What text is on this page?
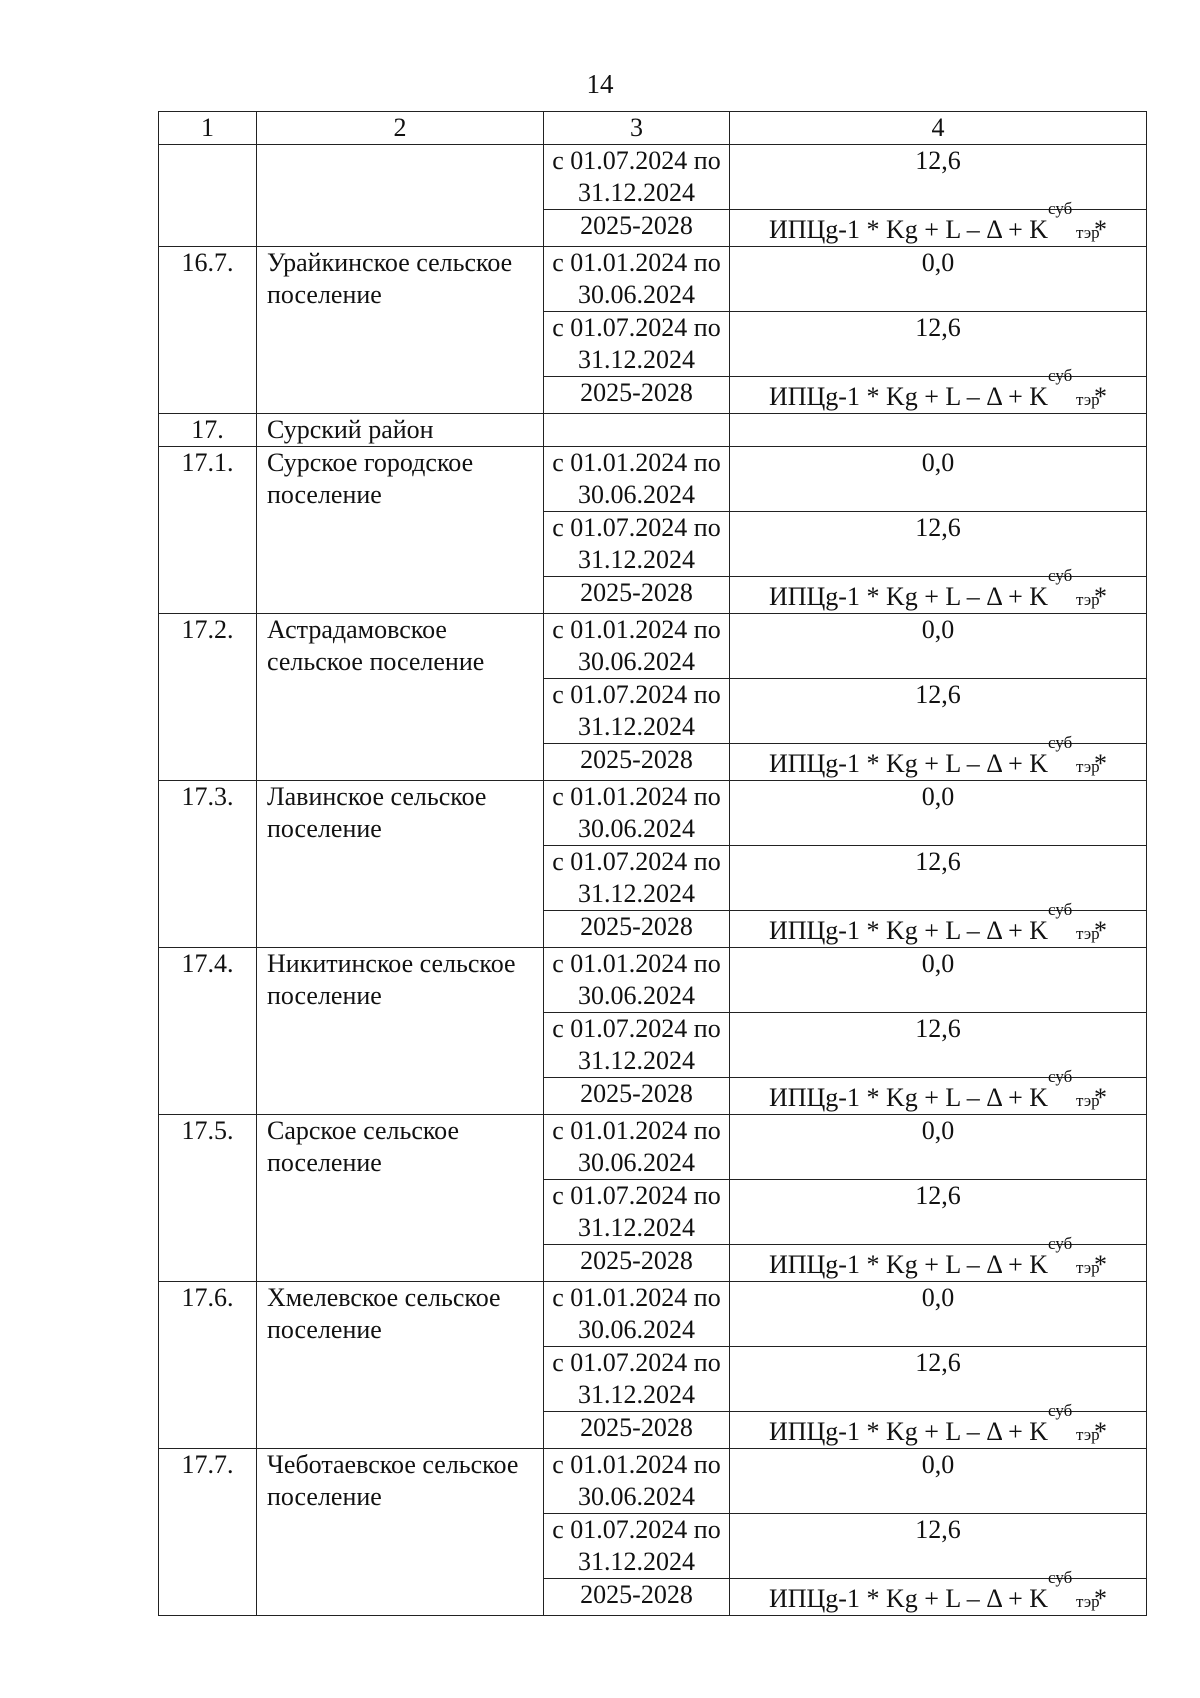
14
1	2	3	4
		с 01.07.2024 по 31.12.2024	12,6
		2025-2028	ИПЦg-1 * Kg + L – Δ + K
суб
тэр
*
16.7.	Урайкинское сельское поселение	с 01.01.2024 по 30.06.2024	0,0
		с 01.07.2024 по 31.12.2024	12,6
		2025-2028	ИПЦg-1 * Kg + L – Δ + K
суб
тэр
*
17.	Сурский район		
17.1.	Сурское городское поселение	с 01.01.2024 по 30.06.2024	0,0
		с 01.07.2024 по 31.12.2024	12,6
		2025-2028	ИПЦg-1 * Kg + L – Δ + K
суб
тэр
*
17.2.	Астрадамовское сельское поселение	с 01.01.2024 по 30.06.2024	0,0
		с 01.07.2024 по 31.12.2024	12,6
		2025-2028	ИПЦg-1 * Kg + L – Δ + K
суб
тэр
*
17.3.	Лавинское сельское поселение	с 01.01.2024 по 30.06.2024	0,0
		с 01.07.2024 по 31.12.2024	12,6
		2025-2028	ИПЦg-1 * Kg + L – Δ + K
суб
тэр
*
17.4.	Никитинское сельское поселение	с 01.01.2024 по 30.06.2024	0,0
		с 01.07.2024 по 31.12.2024	12,6
		2025-2028	ИПЦg-1 * Kg + L – Δ + K
суб
тэр
*
17.5.	Сарское сельское поселение	с 01.01.2024 по 30.06.2024	0,0
		с 01.07.2024 по 31.12.2024	12,6
		2025-2028	ИПЦg-1 * Kg + L – Δ + K
суб
тэр
*
17.6.	Хмелевское сельское поселение	с 01.01.2024 по 30.06.2024	0,0
		с 01.07.2024 по 31.12.2024	12,6
		2025-2028	ИПЦg-1 * Kg + L – Δ + K
суб
тэр
*
17.7.	Чеботаевское сельское поселение	с 01.01.2024 по 30.06.2024	0,0
		с 01.07.2024 по 31.12.2024	12,6
		2025-2028	ИПЦg-1 * Kg + L – Δ + K
суб
тэр
*
